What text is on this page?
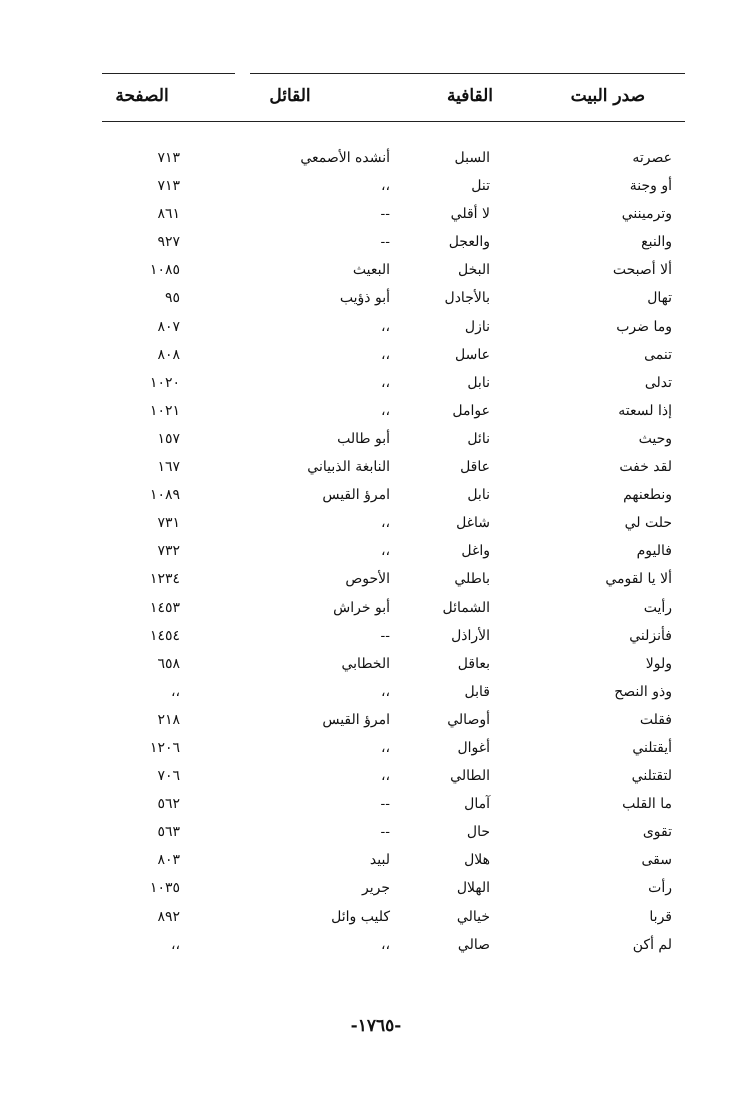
صدر البيت
القافية
القائل
الصفحة
عصرته
السبل
أنشده الأصمعي
٧١٣
أو وجنة
تنل
،،
٧١٣
وترمينني
لا أقلي
--
٨٦١
والنبع
والعجل
--
٩٢٧
ألا أصبحت
البخل
البعيث
١٠٨٥
تهال
بالأجادل
أبو ذؤيب
٩٥
وما ضرب
نازل
،،
٨٠٧
تنمى
عاسل
،،
٨٠٨
تدلى
نابل
،،
١٠٢٠
إذا لسعته
عوامل
،،
١٠٢١
وحيث
نائل
أبو طالب
١٥٧
لقد خفت
عاقل
النابغة الذبياني
١٦٧
ونطعنهم
نابل
امرؤ القيس
١٠٨٩
حلت لي
شاغل
،،
٧٣١
فاليوم
واغل
،،
٧٣٢
ألا يا لقومي
باطلي
الأحوص
١٢٣٤
رأيت
الشمائل
أبو خراش
١٤٥٣
فأنزلني
الأراذل
--
١٤٥٤
ولولا
بعاقل
الخطابي
٦٥٨
وذو النصح
قابل
،،
،،
فقلت
أوصالي
امرؤ القيس
٢١٨
أيقتلني
أغوال
،،
١٢٠٦
لتقتلني
الطالي
،،
٧٠٦
ما القلب
آمال
--
٥٦٢
تقوى
حال
--
٥٦٣
سقى
هلال
لبيد
٨٠٣
رأت
الهلال
جرير
١٠٣٥
قربا
خيالي
كليب وائل
٨٩٢
لم أكن
صالي
،،
،،
-١٧٦٥-
